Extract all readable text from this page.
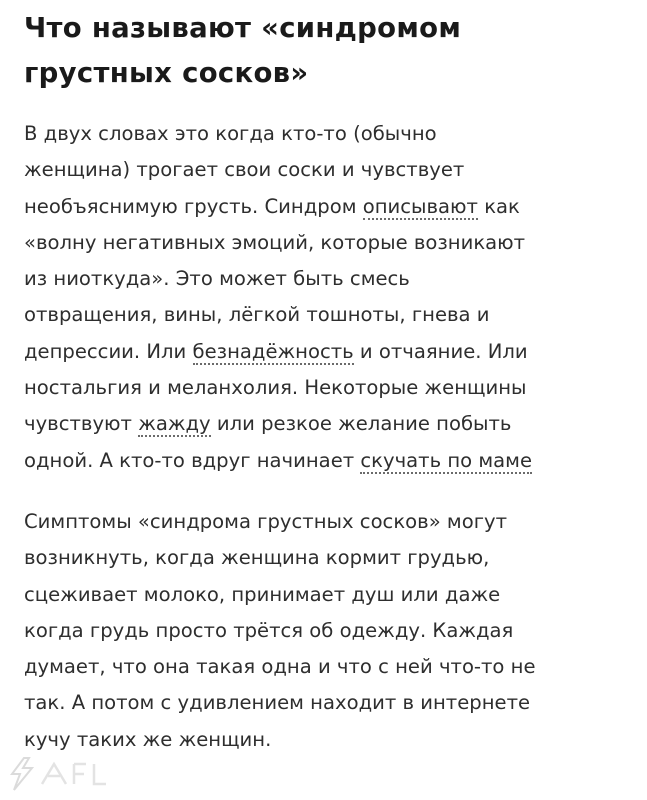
Что называют «синдромом
грустных сосков»

В двух словах это когда кто-то (обычно
женщина) трогает свои соски и чувствует
необъяснимую грусть. Синдром описывают как
«волну негативных эмоций, которые возникают
из ниоткуда». Это может быть смесь
отвращения, вины, лёгкой тошноты, гнева и
депрессии. Или безнадёжность и отчаяние. Или
ностальгия и меланхолия. Некоторые женщины
чувствуют жажду или резкое желание побыть
одной. А кто-то вдруг начинает скучать по маме

Симптомы «синдрома грустных сосков» могут
возникнуть, когда женщина кормит грудью,
сцеживает молоко, принимает душ или даже
когда грудь просто трётся об одежду. Каждая
думает, что она такая одна и что с ней что-то не
так. А потом с удивлением находит в интернете
кучу таких же женщин.
